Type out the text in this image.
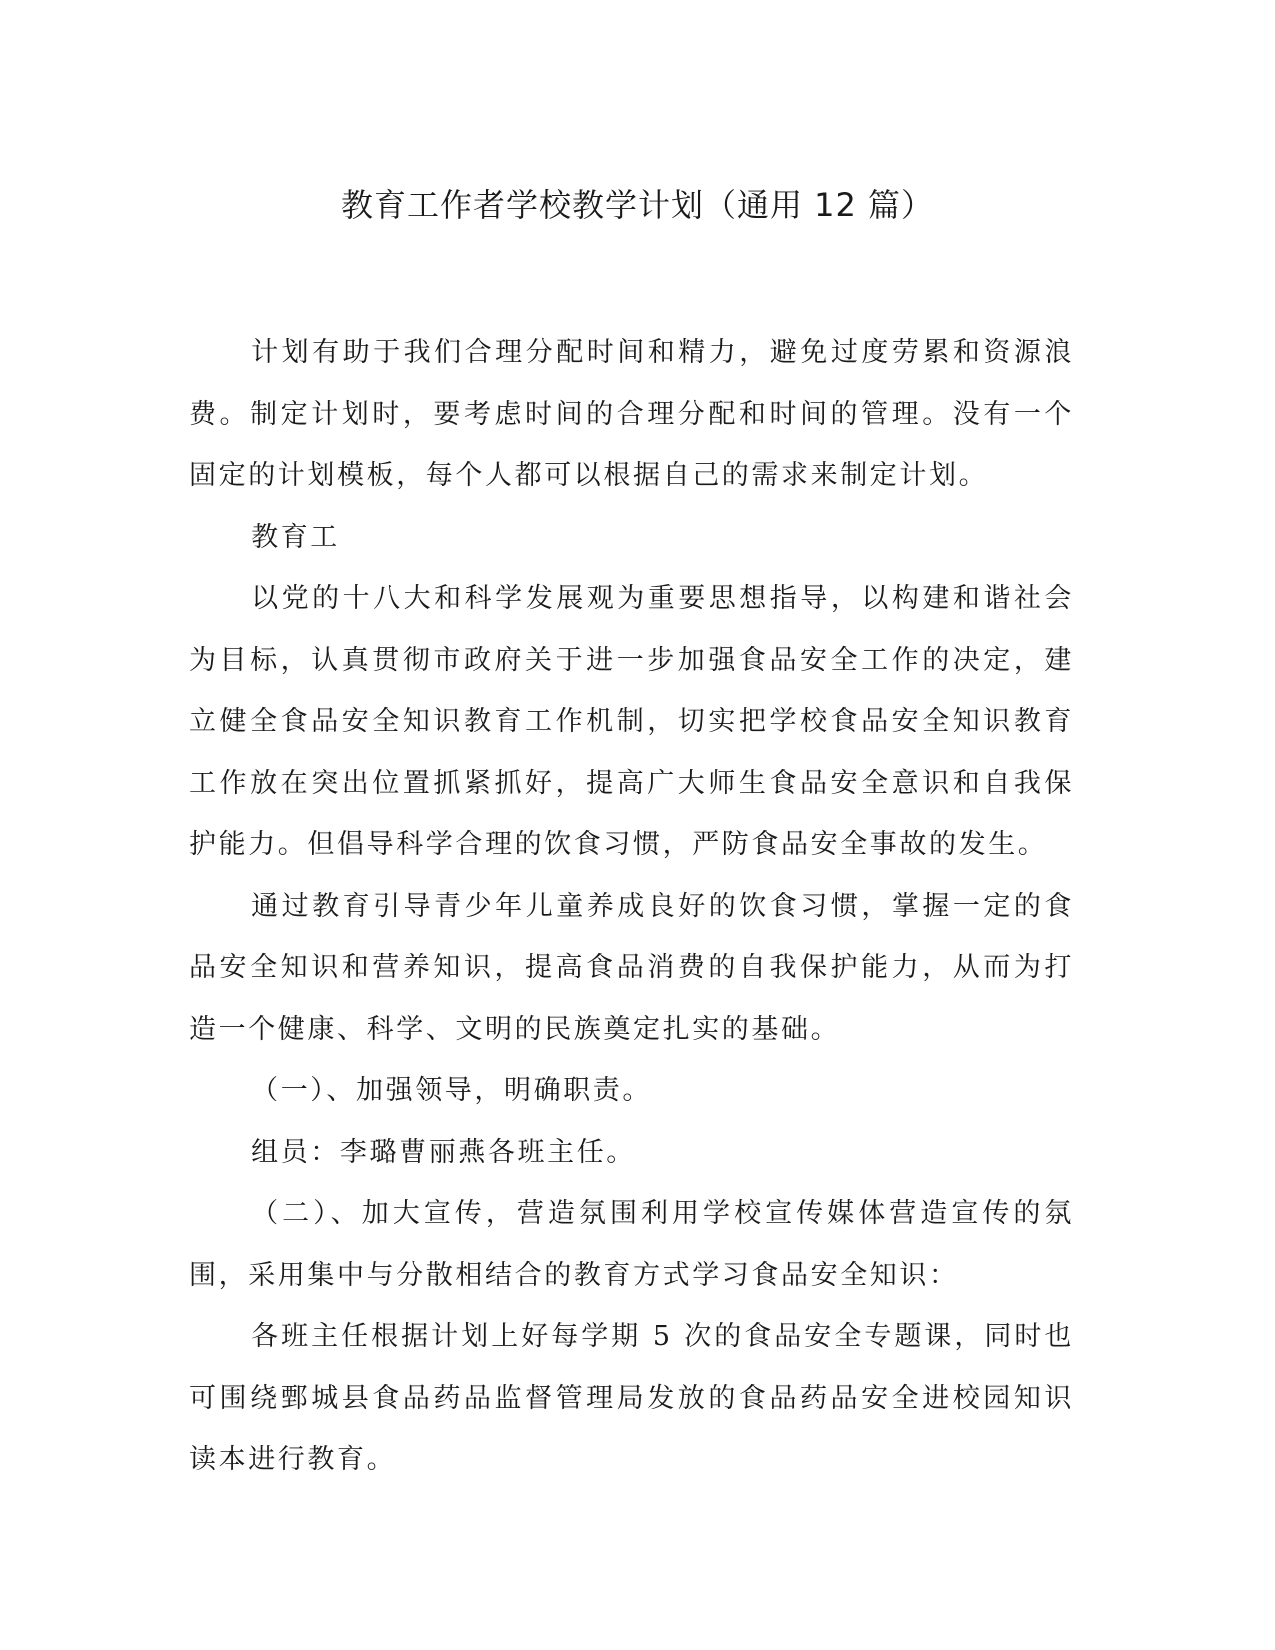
教育工作者学校教学计划（通用 12 篇）

计划有助于我们合理分配时间和精力，避免过度劳累和资源浪费。制定计划时，要考虑时间的合理分配和时间的管理。没有一个固定的计划模板，每个人都可以根据自己的需求来制定计划。

教育工

以党的十八大和科学发展观为重要思想指导，以构建和谐社会为目标，认真贯彻市政府关于进一步加强食品安全工作的决定，建立健全食品安全知识教育工作机制，切实把学校食品安全知识教育工作放在突出位置抓紧抓好，提高广大师生食品安全意识和自我保护能力。但倡导科学合理的饮食习惯，严防食品安全事故的发生。

通过教育引导青少年儿童养成良好的饮食习惯，掌握一定的食品安全知识和营养知识，提高食品消费的自我保护能力，从而为打造一个健康、科学、文明的民族奠定扎实的基础。

（一）、加强领导，明确职责。

组员：李璐曹丽燕各班主任。

（二）、加大宣传，营造氛围利用学校宣传媒体营造宣传的氛围，采用集中与分散相结合的教育方式学习食品安全知识：

各班主任根据计划上好每学期 5 次的食品安全专题课，同时也可围绕鄄城县食品药品监督管理局发放的食品药品安全进校园知识读本进行教育。
